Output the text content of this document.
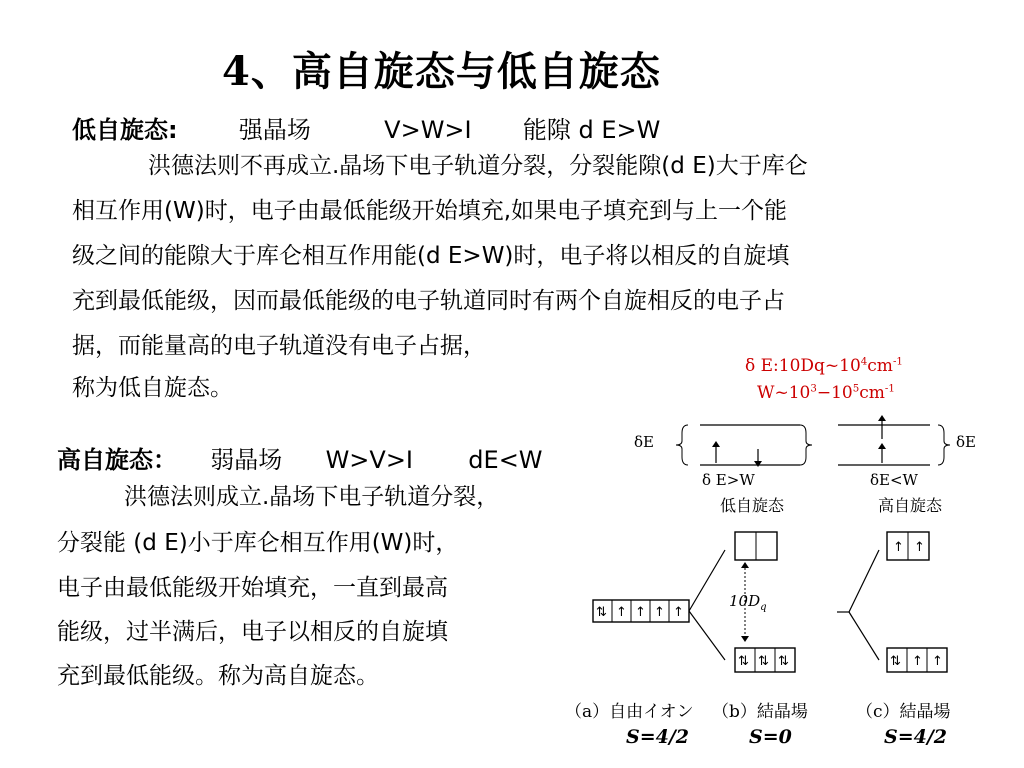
4、高自旋态与低自旋态
低自旋态:	强晶场	V>W>I 能隙 d E>W
洪德法则不再成立.晶场下电子轨道分裂，分裂能隙(d E)大于库仑
相互作用(W)时，电子由最低能级开始填充,如果电子填充到与上一个能
级之间的能隙大于库仑相互作用能(d E>W)时，电子将以相反的自旋填
充到最低能级，因而最低能级的电子轨道同时有两个自旋相反的电子占
据，而能量高的电子轨道没有电子占据，
称为低自旋态。
δ $E:10Dq\sim 10^4cm^{-1}$
$W\sim 10^3-10^5cm^{-1}$
高自旋态： 弱晶场 W>V>I dE<W
洪德法则成立.晶场下电子轨道分裂，
分裂能 (d E)小于库仑相互作用(W)时，
电子由最低能级开始填充，一直到最高
能级，过半满后，电子以相反的自旋填
充到最低能级。称为高自旋态。
δE
δ E>W
低自旋态
δE
δE<W
高自旋态
⇅ ↑ ↑ ↑ ↑
$10D_q$
⇅ ⇅ ⇅
↑ ↑
⇅ ↑ ↑
（a）自由イオン （b）結晶場	（c）結晶場
S=4/2	S=0	S=4/2
